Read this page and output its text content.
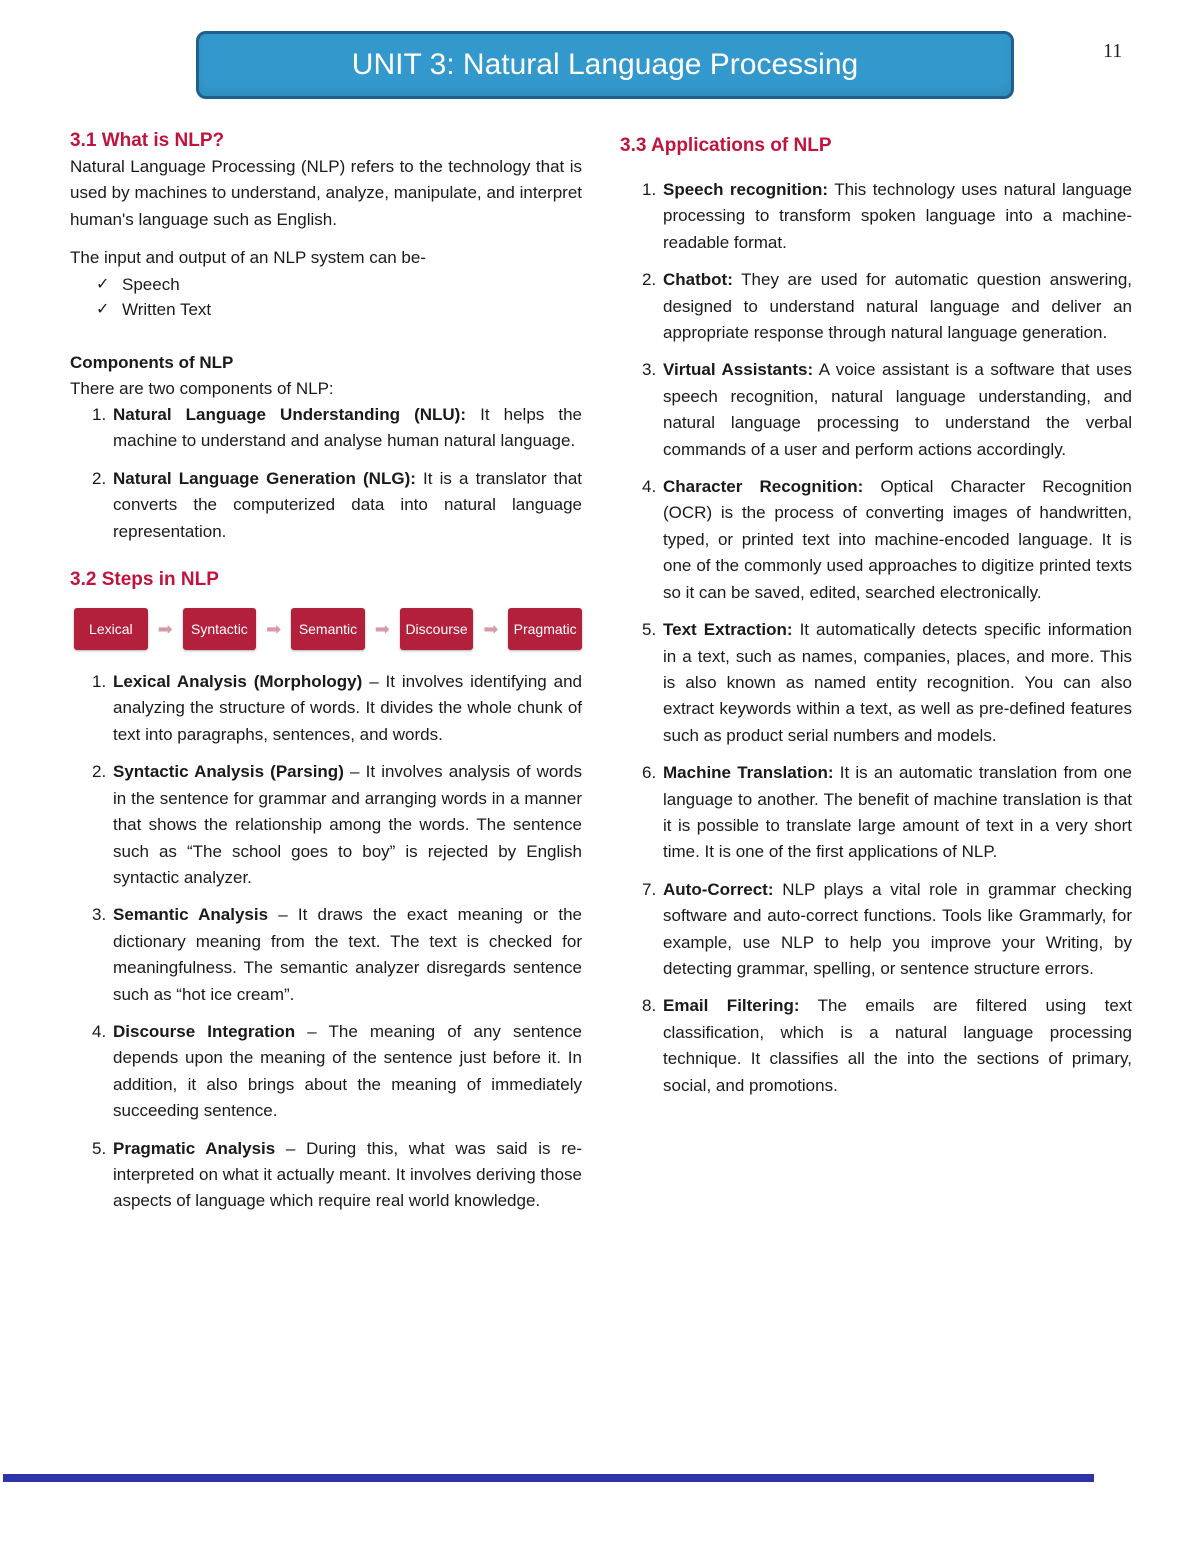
11
UNIT 3: Natural Language Processing
3.1 What is NLP?

Natural Language Processing (NLP) refers to the technology that is used by machines to understand, analyze, manipulate, and interpret human's language such as English.

The input and output of an NLP system can be-

✓ Speech
✓ Written Text
Components of NLP

There are two components of NLP:

1. Natural Language Understanding (NLU): It helps the machine to understand and analyse human natural language.
2. Natural Language Generation (NLG): It is a translator that converts the computerized data into natural language representation.
3.2 Steps in NLP
Lexical	➡	Syntactic	➡	Semantic ➡	Discourse ➡	Pragmatic
1. Lexical Analysis (Morphology) – It involves identifying and analyzing the structure of words. It divides the whole chunk of text into paragraphs, sentences, and words.
2. Syntactic Analysis (Parsing) – It involves analysis of words in the sentence for grammar and arranging words in a manner that shows the relationship among the words. The sentence such as “The school goes to boy” is rejected by English syntactic analyzer.
3. Semantic Analysis – It draws the exact meaning or the dictionary meaning from the text. The text is checked for meaningfulness. The semantic analyzer disregards sentence such as “hot ice cream”.
4. Discourse Integration – The meaning of any sentence depends upon the meaning of the sentence just before it. In addition, it also brings about the meaning of immediately succeeding sentence.
5. Pragmatic Analysis – During this, what was said is re-interpreted on what it actually meant. It involves deriving those aspects of language which require real world knowledge.
3.3 Applications of NLP
1. Speech recognition: This technology uses natural language processing to transform spoken language into a machine-readable format.
2. Chatbot: They are used for automatic question answering, designed to understand natural language and deliver an appropriate response through natural language generation.
3. Virtual Assistants: A voice assistant is a software that uses speech recognition, natural language understanding, and natural language processing to understand the verbal commands of a user and perform actions accordingly.
4. Character Recognition: Optical Character Recognition (OCR) is the process of converting images of handwritten, typed, or printed text into machine-encoded language. It is one of the commonly used approaches to digitize printed texts so it can be saved, edited, searched electronically.
5. Text Extraction: It automatically detects specific information in a text, such as names, companies, places, and more. This is also known as named entity recognition. You can also extract keywords within a text, as well as pre-defined features such as product serial numbers and models.
6. Machine Translation: It is an automatic translation from one language to another. The benefit of machine translation is that it is possible to translate large amount of text in a very short time. It is one of the first applications of NLP.
7. Auto-Correct: NLP plays a vital role in grammar checking software and auto-correct functions. Tools like Grammarly, for example, use NLP to help you improve your Writing, by detecting grammar, spelling, or sentence structure errors.
8. Email Filtering: The emails are filtered using text classification, which is a natural language processing technique. It classifies all the into the sections of primary, social, and promotions.
